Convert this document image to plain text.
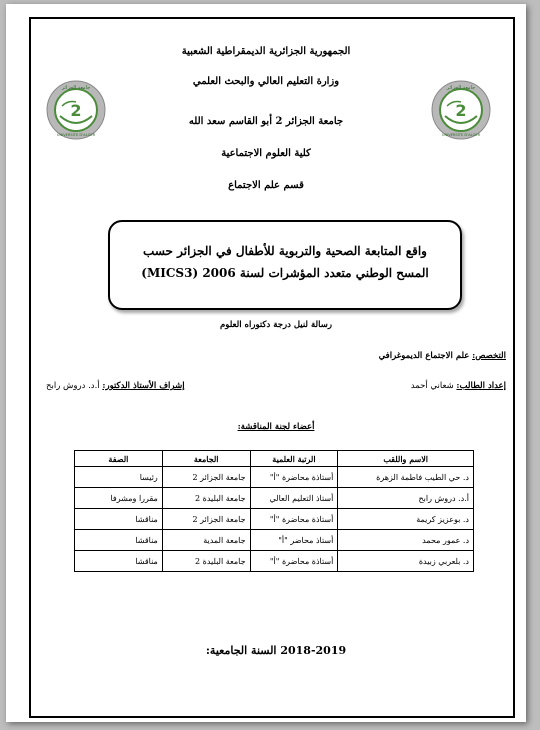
2
جامعة الجزائر
UNIVERSITE D'ALGER
2
جامعة الجزائر
UNIVERSITE D'ALGER
الجمهورية الجزائرية الديمقراطية الشعبية
وزارة التعليم العالي والبحث العلمي
جامعة الجزائر 2 أبو القاسم سعد الله
كلية العلوم الاجتماعية
قسم علم الاجتماع
واقع المتابعة الصحية والتربوية للأطفال في الجزائر حسب
المسح الوطني متعدد المؤشرات لسنة 2006 (MICS3)
رسالة لنيل درجة دكتوراه العلوم
التخصص: علم الاجتماع الديموغرافي
إعداد الطالب: شعاني أحمد
إشراف الأستاذ الدكتور: أ.د. دروش رابح
أعضاء لجنة المناقشة:
الاسم واللقب	الرتبة العلمية	الجامعة	الصفة
د. حي الطيب فاطمة الزهرة	أستاذة محاضرة "أ"	جامعة الجزائر 2	رئيسا
أ.د. دروش رابح	أستاذ التعليم العالي	جامعة البليدة 2	مقررا ومشرفا
د. بوعزيز كريمة	أستاذة محاضرة "أ"	جامعة الجزائر 2	مناقشا
د. عمور محمد	أستاذ محاضر "أ"	جامعة المدية	مناقشا
د. بلعربي زبيدة	أستاذة محاضرة "أ"	جامعة البليدة 2	مناقشا
السنة الجامعية: 2018-2019
